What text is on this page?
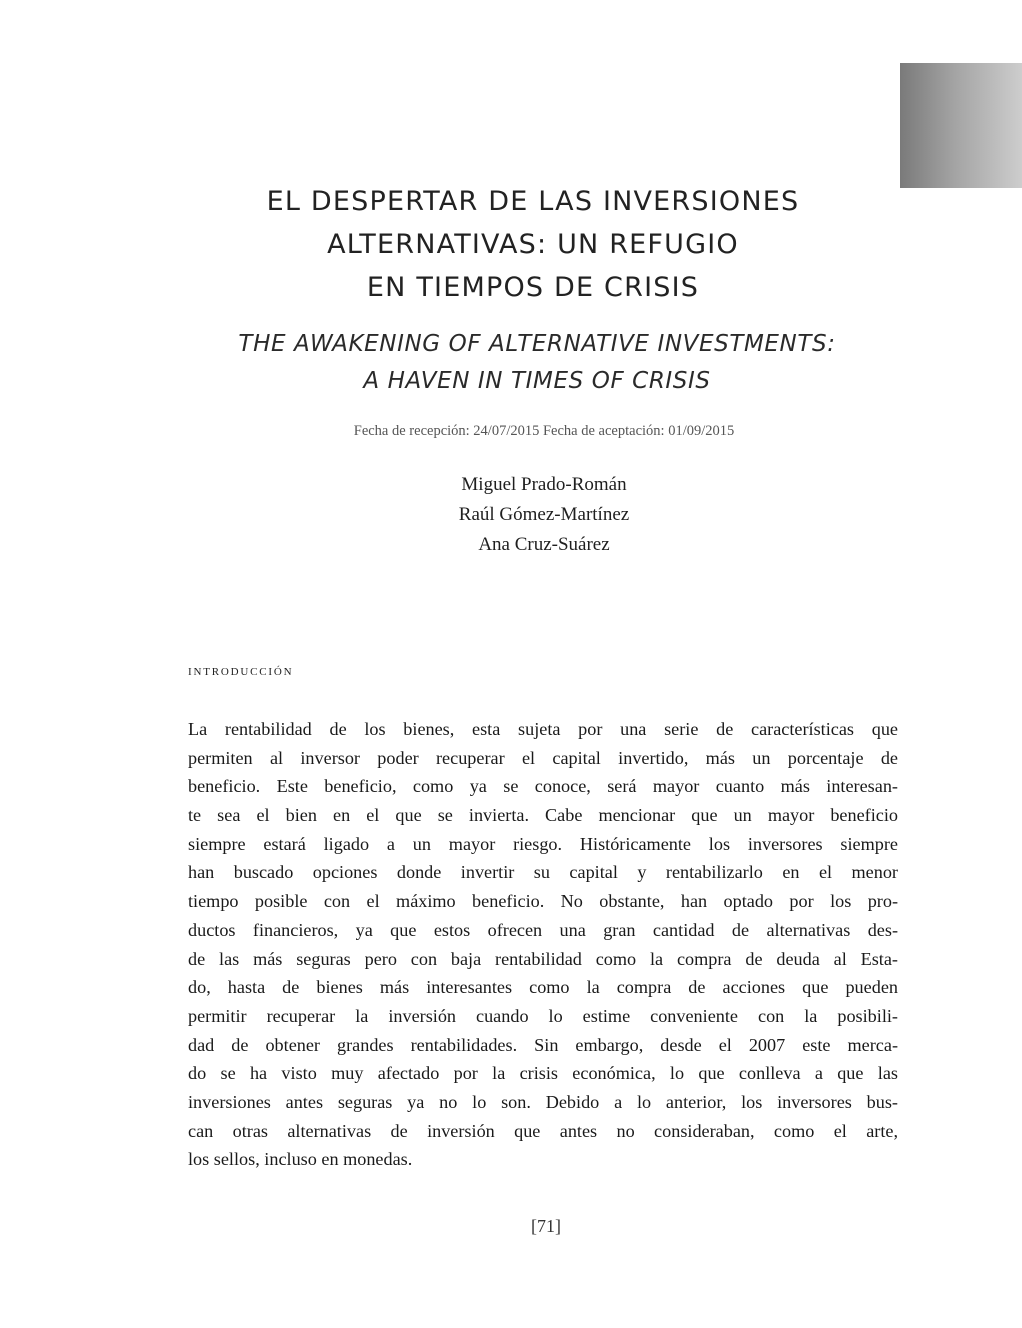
EL DESPERTAR DE LAS INVERSIONES
ALTERNATIVAS: UN REFUGIO
EN TIEMPOS DE CRISIS
THE AWAKENING OF ALTERNATIVE INVESTMENTS:
A HAVEN IN TIMES OF CRISIS
Fecha de recepción: 24/07/2015 Fecha de aceptación: 01/09/2015
Miguel Prado-Román
Raúl Gómez-Martínez
Ana Cruz-Suárez
introducción
La rentabilidad de los bienes, esta sujeta por una serie de características que
permiten al inversor poder recuperar el capital invertido, más un porcentaje de
beneficio. Este beneficio, como ya se conoce, será mayor cuanto más interesan-
te sea el bien en el que se invierta. Cabe mencionar que un mayor beneficio
siempre estará ligado a un mayor riesgo. Históricamente los inversores siempre
han buscado opciones donde invertir su capital y rentabilizarlo en el menor
tiempo posible con el máximo beneficio. No obstante, han optado por los pro-
ductos financieros, ya que estos ofrecen una gran cantidad de alternativas des-
de las más seguras pero con baja rentabilidad como la compra de deuda al Esta-
do, hasta de bienes más interesantes como la compra de acciones que pueden
permitir recuperar la inversión cuando lo estime conveniente con la posibili-
dad de obtener grandes rentabilidades. Sin embargo, desde el 2007 este merca-
do se ha visto muy afectado por la crisis económica, lo que conlleva a que las
inversiones antes seguras ya no lo son. Debido a lo anterior, los inversores bus-
can otras alternativas de inversión que antes no consideraban, como el arte,
los sellos, incluso en monedas.
[71]
